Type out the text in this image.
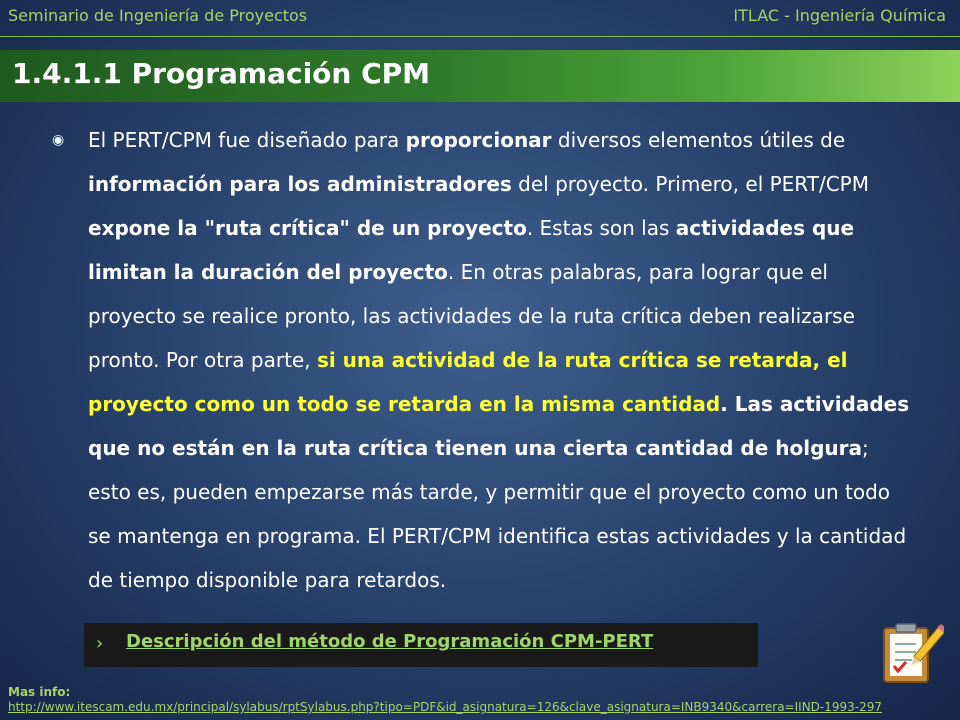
Seminario de Ingeniería de Proyectos	ITLAC - Ingeniería Química
1.4.1.1 Programación CPM
◉ El PERT/CPM fue diseñado para proporcionar diversos elementos útiles de información para los administradores del proyecto. Primero, el PERT/CPM expone la "ruta crítica" de un proyecto. Estas son las actividades que limitan la duración del proyecto. En otras palabras, para lograr que el proyecto se realice pronto, las actividades de la ruta crítica deben realizarse pronto. Por otra parte, si una actividad de la ruta crítica se retarda, el proyecto como un todo se retarda en la misma cantidad. Las actividades que no están en la ruta crítica tienen una cierta cantidad de holgura; esto es, pueden empezarse más tarde, y permitir que el proyecto como un todo se mantenga en programa. El PERT/CPM identifica estas actividades y la cantidad de tiempo disponible para retardos.
› Descripción del método de Programación CPM-PERT
Mas info:
http://www.itescam.edu.mx/principal/sylabus/rptSylabus.php?tipo=PDF&id_asignatura=126&clave_asignatura=INB9340&carrera=IIND-1993-297
